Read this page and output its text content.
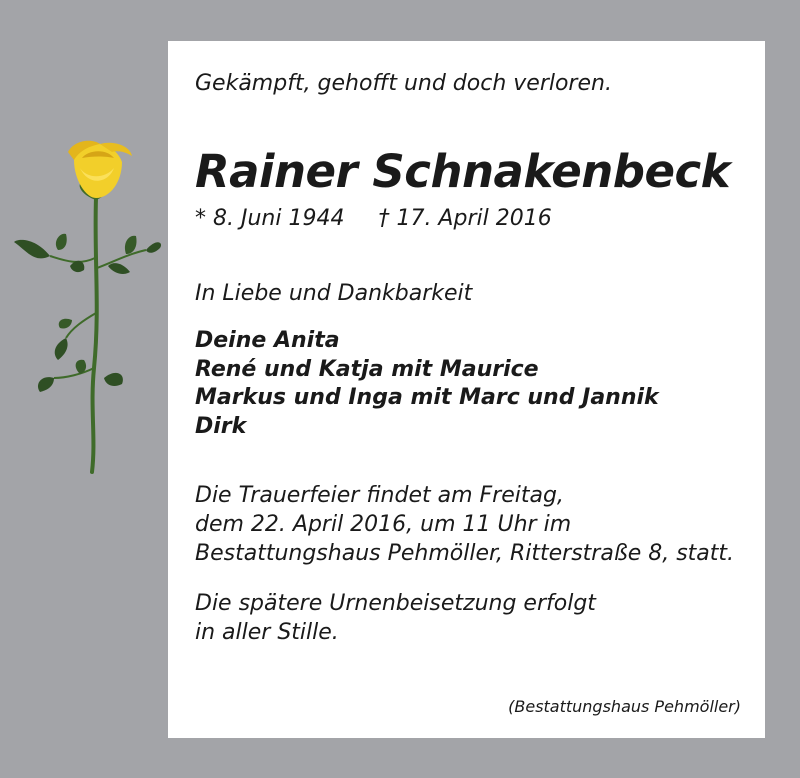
Gekämpft, gehofft und doch verloren.

Rainer Schnakenbeck

* 8. Juni 1944 † 17. April 2016

In Liebe und Dankbarkeit

Deine Anita
René und Katja mit Maurice
Markus und Inga mit Marc und Jannik
Dirk
Die Trauerfeier findet am Freitag,
dem 22. April 2016, um 11 Uhr im
Bestattungshaus Pehmöller, Ritterstraße 8, statt.
Die spätere Urnenbeisetzung erfolgt
in aller Stille.
(Bestattungshaus Pehmöller)
